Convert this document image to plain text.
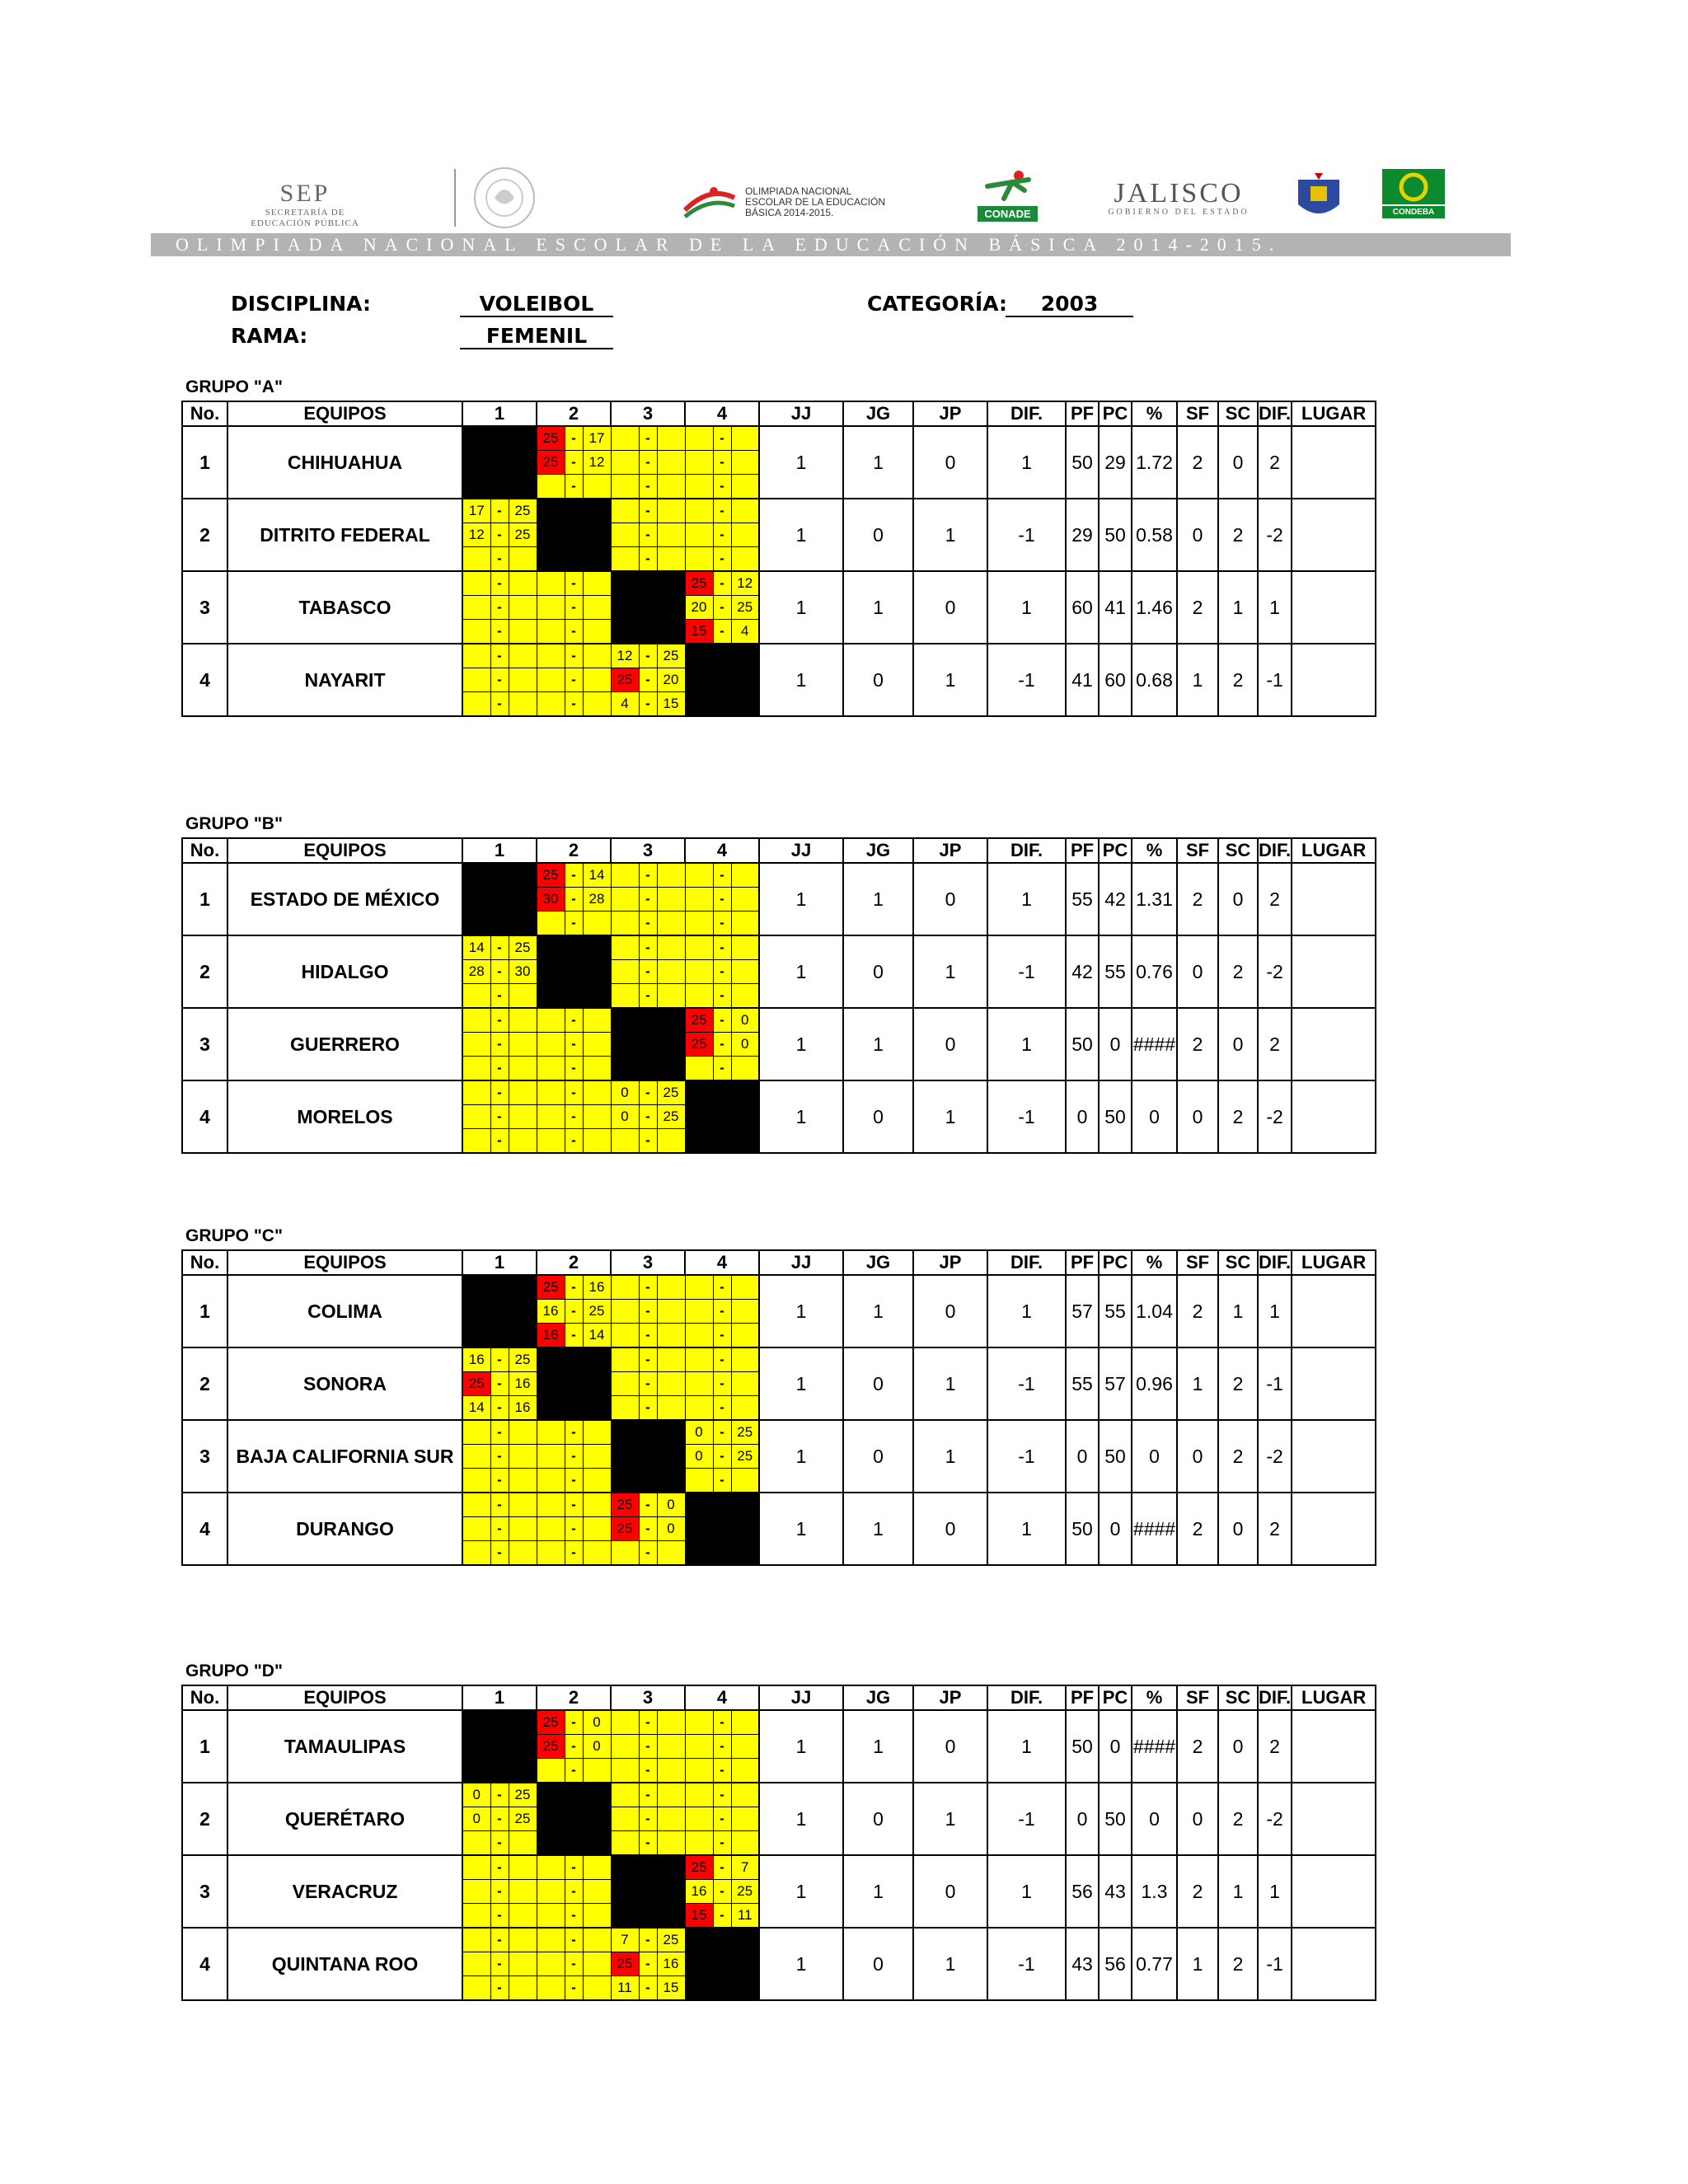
SEP
SECRETARÍA DE
EDUCACIÓN PÚBLICA
OLIMPIADA NACIONAL
ESCOLAR DE LA EDUCACIÓN
BÁSICA 2014-2015.	CONADE
JALISCO
GOBIERNO DEL ESTADO	CONDEBA
OLIMPIADA NACIONAL ESCOLAR DE LA EDUCACIÓN BÁSICA 2014-2015.
DISCIPLINA:	VOLEIBOL
RAMA:	FEMENIL
CATEGORÍA:	2003
GRUPO "A"
No.	EQUIPOS	1			2			3			4			JJ	JG	JP	DIF.	PF	PC	%	SF	SC	DIF.	LUGAR
1	CHIHUAHUA				25	-	17		-			-		1	1	0	1	50	29	1.72	2	0	2	
					25	-	12		-			-												
						-			-			-												
2	DITRITO FEDERAL	17	-	25					-			-		1	0	1	-1	29	50	0.58	0	2	-2	
		12	-	25					-			-												
			-						-			-												
3	TABASCO		-			-					25	-	12	1	1	0	1	60	41	1.46	2	1	1	
			-			-					20	-	25											
			-			-					15	-	4											
4	NAYARIT		-			-		12	-	25				1	0	1	-1	41	60	0.68	1	2	-1	
			-			-		25	-	20														
			-			-		4	-	15														
GRUPO "B"
No.	EQUIPOS	1			2			3			4			JJ	JG	JP	DIF.	PF	PC	%	SF	SC	DIF.	LUGAR
1	ESTADO DE MÉXICO				25	-	14		-			-		1	1	0	1	55	42	1.31	2	0	2	
					30	-	28		-			-												
						-			-			-												
2	HIDALGO	14	-	25					-			-		1	0	1	-1	42	55	0.76	0	2	-2	
		28	-	30					-			-												
			-						-			-												
3	GUERRERO		-			-					25	-	0	1	1	0	1	50	0	####	2	0	2	
			-			-					25	-	0											
			-			-						-												
4	MORELOS		-			-		0	-	25				1	0	1	-1	0	50	0	0	2	-2	
			-			-		0	-	25														
			-			-			-															
GRUPO "C"
No.	EQUIPOS	1			2			3			4			JJ	JG	JP	DIF.	PF	PC	%	SF	SC	DIF.	LUGAR
1	COLIMA				25	-	16		-			-		1	1	0	1	57	55	1.04	2	1	1	
					16	-	25		-			-												
					16	-	14		-			-												
2	SONORA	16	-	25					-			-		1	0	1	-1	55	57	0.96	1	2	-1	
		25	-	16					-			-												
		14	-	16					-			-												
3	BAJA CALIFORNIA SUR		-			-					0	-	25	1	0	1	-1	0	50	0	0	2	-2	
			-			-					0	-	25											
			-			-						-												
4	DURANGO		-			-		25	-	0				1	1	0	1	50	0	####	2	0	2	
			-			-		25	-	0														
			-			-			-															
GRUPO "D"
No.	EQUIPOS	1			2			3			4			JJ	JG	JP	DIF.	PF	PC	%	SF	SC	DIF.	LUGAR
1	TAMAULIPAS				25	-	0		-			-		1	1	0	1	50	0	####	2	0	2	
					25	-	0		-			-												
						-			-			-												
2	QUERÉTARO	0	-	25					-			-		1	0	1	-1	0	50	0	0	2	-2	
		0	-	25					-			-												
			-						-			-												
3	VERACRUZ		-			-					25	-	7	1	1	0	1	56	43	1.3	2	1	1	
			-			-					16	-	25											
			-			-					15	-	11											
4	QUINTANA ROO		-			-		7	-	25				1	0	1	-1	43	56	0.77	1	2	-1	
			-			-		25	-	16														
			-			-		11	-	15														
